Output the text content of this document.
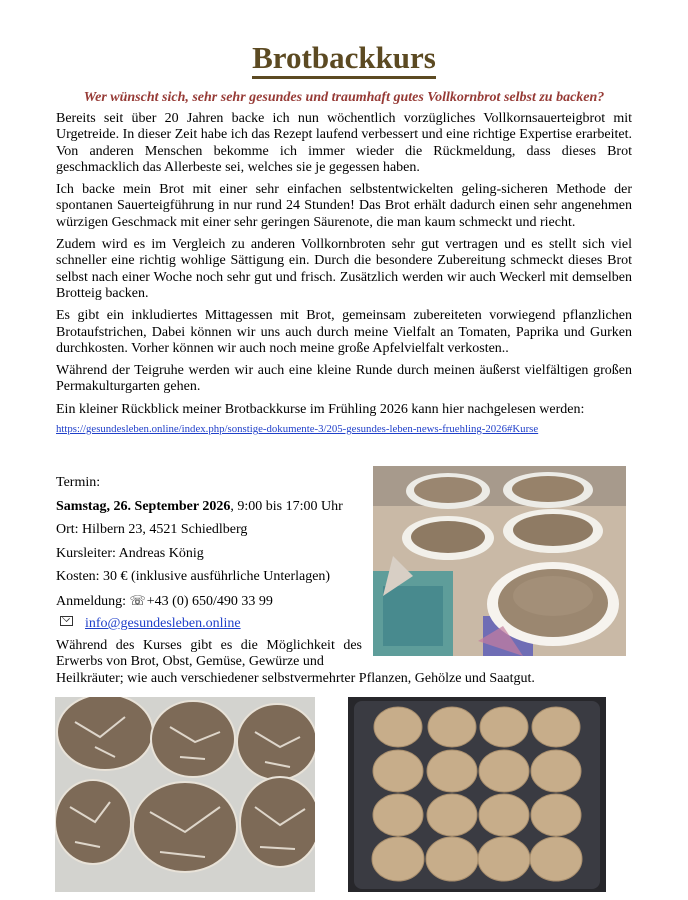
Brotbackkurs
Wer wünscht sich, sehr sehr gesundes und traumhaft gutes Vollkornbrot selbst zu backen?

Bereits seit über 20 Jahren backe ich nun wöchentlich vorzügliches Vollkornsauerteigbrot mit Urgetreide. In dieser Zeit habe ich das Rezept laufend verbessert und eine richtige Expertise erarbeitet. Von anderen Menschen bekomme ich immer wieder die Rückmeldung, dass dieses Brot geschmacklich das Allerbeste sei, welches sie je gegessen haben.

Ich backe mein Brot mit einer sehr einfachen selbstentwickelten geling-sicheren Methode der spontanen Sauerteigführung in nur rund 24 Stunden! Das Brot erhält dadurch einen sehr angenehmen würzigen Geschmack mit einer sehr geringen Säurenote, die man kaum schmeckt und riecht.

Zudem wird es im Vergleich zu anderen Vollkornbroten sehr gut vertragen und es stellt sich viel schneller eine richtig wohlige Sättigung ein. Durch die besondere Zubereitung schmeckt dieses Brot selbst nach einer Woche noch sehr gut und frisch. Zusätzlich werden wir auch Weckerl mit demselben Brotteig backen.

Es gibt ein inkludiertes Mittagessen mit Brot, gemeinsam zubereiteten vorwiegend pflanzlichen Brotaufstrichen, Dabei können wir uns auch durch meine Vielfalt an Tomaten, Paprika und Gurken durchkosten. Vorher können wir auch noch meine große Apfelvielfalt verkosten..

Während der Teigruhe werden wir auch eine kleine Runde durch meinen äußerst vielfältigen großen Permakulturgarten gehen.

Ein kleiner Rückblick meiner Brotbackkurse im Frühling 2026 kann hier nachgelesen werden:

https://gesundesleben.online/index.php/sonstige-dokumente-3/205-gesundes-leben-news-fruehling-2026#Kurse
Termin:
Samstag, 26. September 2026, 9:00 bis 17:00 Uhr
Ort: Hilbern 23, 4521 Schiedlberg
Kursleiter: Andreas König
Kosten: 30 € (inklusive ausführliche Unterlagen)
Anmeldung: ☏+43 (0) 650/490 33 99
info@gesundesleben.online
Während des Kurses gibt es die Möglichkeit des Erwerbs von Brot, Obst, Gemüse, Gewürze und
Heilkräuter; wie auch verschiedener selbstvermehrter Pflanzen, Gehölze und Saatgut.
